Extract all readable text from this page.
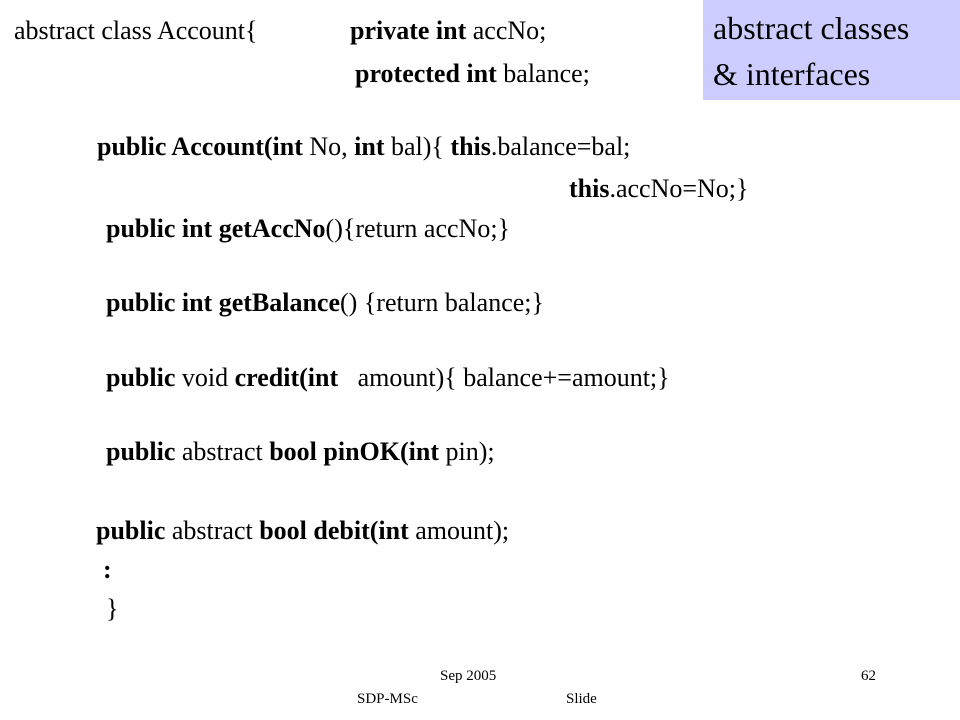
abstract classes
& interfaces
abstract class Account{	private int accNo;
protected int balance;
public Account(int No, int bal){ this.balance=bal;
this.accNo=No;}
public int getAccNo(){return accNo;}
public int getBalance() {return balance;}
public void credit(int   amount){ balance+=amount;}
public abstract bool pinOK(int pin);
public abstract bool debit(int amount);
:
}
Sep 2005
SDP-MSc	Slide
62
